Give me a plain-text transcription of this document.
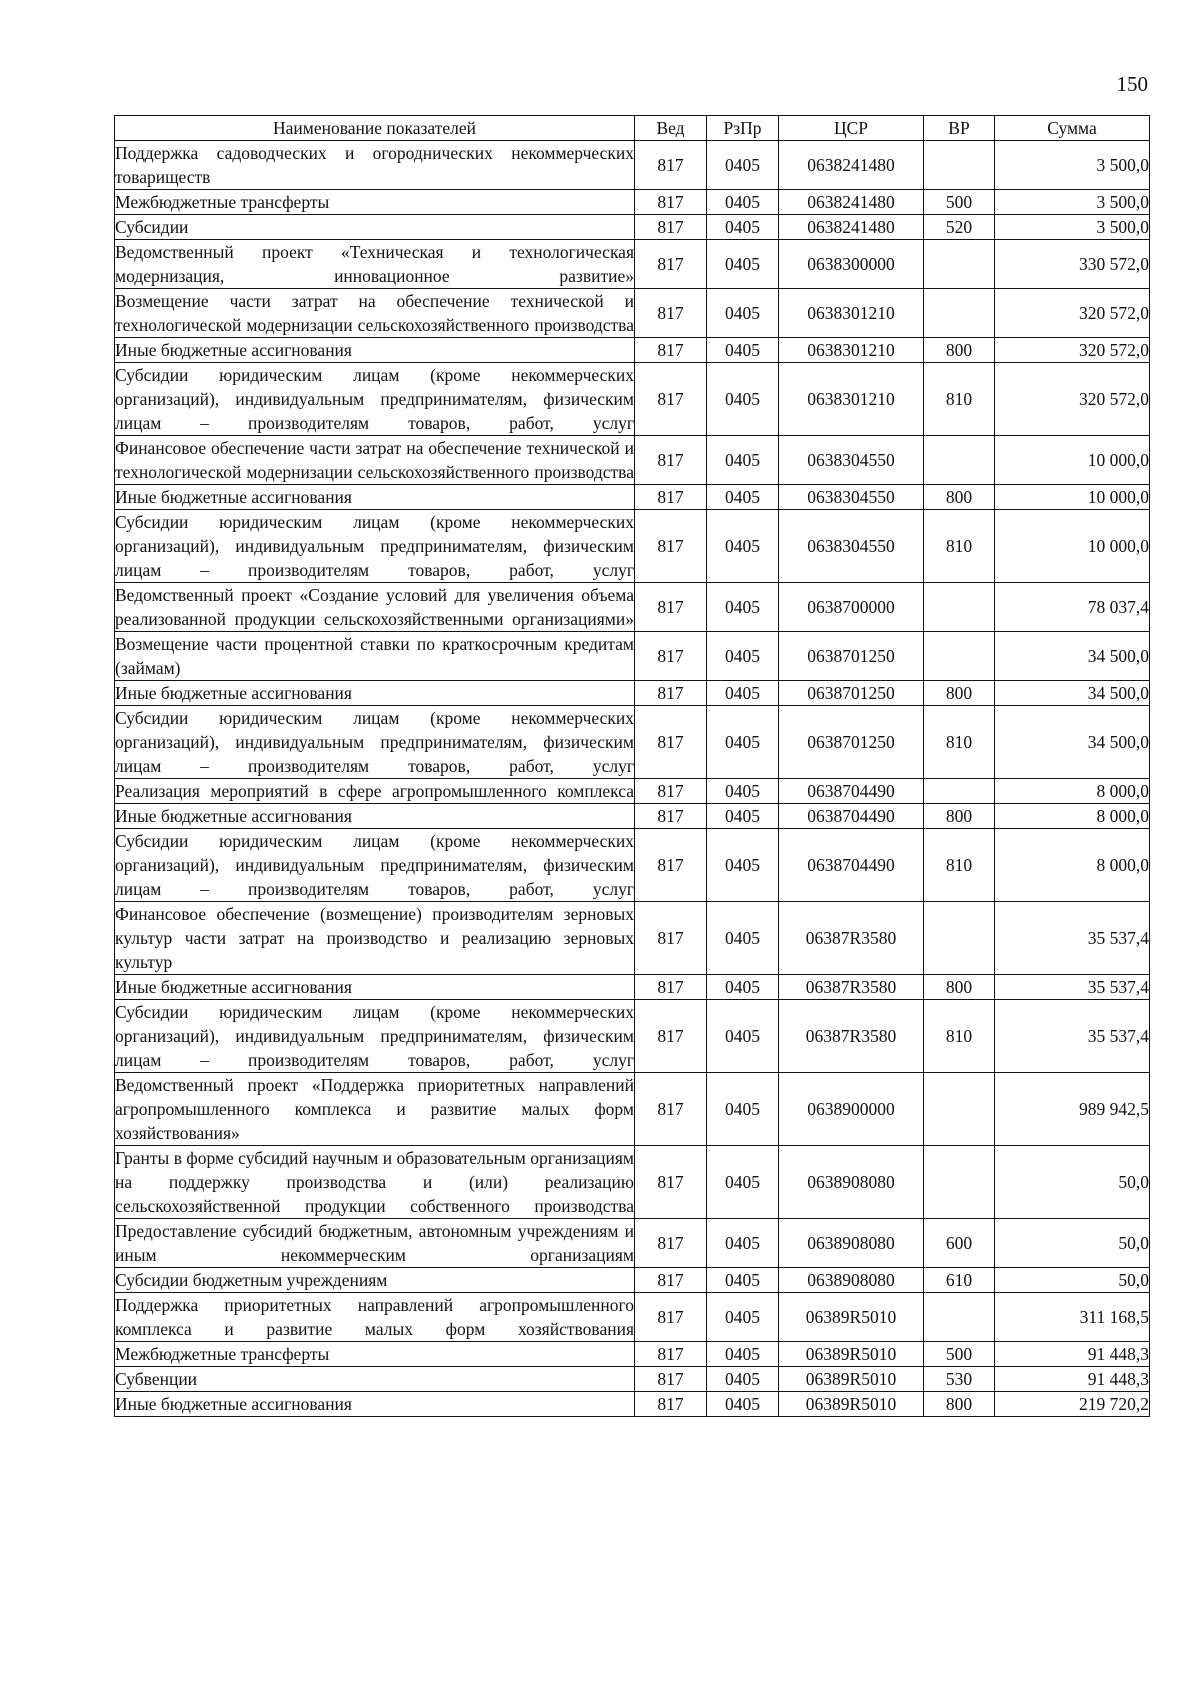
150
Наименование показателей	Вед	РзПр	ЦСР	ВР	Сумма
Поддержка садоводческих и огороднических некоммерческих товариществ	817	0405	0638241480		3 500,0
Межбюджетные трансферты	817	0405	0638241480	500	3 500,0
Субсидии	817	0405	0638241480	520	3 500,0
Ведомственный проект «Техническая и технологическая модернизация, инновационное развитие»	817	0405	0638300000		330 572,0
Возмещение части затрат на обеспечение технической и технологической модернизации сельскохозяйственного производства	817	0405	0638301210		320 572,0
Иные бюджетные ассигнования	817	0405	0638301210	800	320 572,0
Субсидии юридическим лицам (кроме некоммерческих организаций), индивидуальным предпринимателям, физическим лицам – производителям товаров, работ, услуг	817	0405	0638301210	810	320 572,0
Финансовое обеспечение части затрат на обеспечение технической и технологической модернизации сельскохозяйственного производства	817	0405	0638304550		10 000,0
Иные бюджетные ассигнования	817	0405	0638304550	800	10 000,0
Субсидии юридическим лицам (кроме некоммерческих организаций), индивидуальным предпринимателям, физическим лицам – производителям товаров, работ, услуг	817	0405	0638304550	810	10 000,0
Ведомственный проект «Создание условий для увеличения объема реализованной продукции сельскохозяйственными организациями»	817	0405	0638700000		78 037,4
Возмещение части процентной ставки по краткосрочным кредитам (займам)	817	0405	0638701250		34 500,0
Иные бюджетные ассигнования	817	0405	0638701250	800	34 500,0
Субсидии юридическим лицам (кроме некоммерческих организаций), индивидуальным предпринимателям, физическим лицам – производителям товаров, работ, услуг	817	0405	0638701250	810	34 500,0
Реализация мероприятий в сфере агропромышленного комплекса	817	0405	0638704490		8 000,0
Иные бюджетные ассигнования	817	0405	0638704490	800	8 000,0
Субсидии юридическим лицам (кроме некоммерческих организаций), индивидуальным предпринимателям, физическим лицам – производителям товаров, работ, услуг	817	0405	0638704490	810	8 000,0
Финансовое обеспечение (возмещение) производителям зерновых культур части затрат на производство и реализацию зерновых культур	817	0405	06387R3580		35 537,4
Иные бюджетные ассигнования	817	0405	06387R3580	800	35 537,4
Субсидии юридическим лицам (кроме некоммерческих организаций), индивидуальным предпринимателям, физическим лицам – производителям товаров, работ, услуг	817	0405	06387R3580	810	35 537,4
Ведомственный проект «Поддержка приоритетных направлений агропромышленного комплекса и развитие малых форм хозяйствования»	817	0405	0638900000		989 942,5
Гранты в форме субсидий научным и образовательным организациям на поддержку производства и (или) реализацию сельскохозяйственной продукции собственного производства	817	0405	0638908080		50,0
Предоставление субсидий бюджетным, автономным учреждениям и иным некоммерческим организациям	817	0405	0638908080	600	50,0
Субсидии бюджетным учреждениям	817	0405	0638908080	610	50,0
Поддержка приоритетных направлений агропромышленного комплекса и развитие малых форм хозяйствования	817	0405	06389R5010		311 168,5
Межбюджетные трансферты	817	0405	06389R5010	500	91 448,3
Субвенции	817	0405	06389R5010	530	91 448,3
Иные бюджетные ассигнования	817	0405	06389R5010	800	219 720,2
